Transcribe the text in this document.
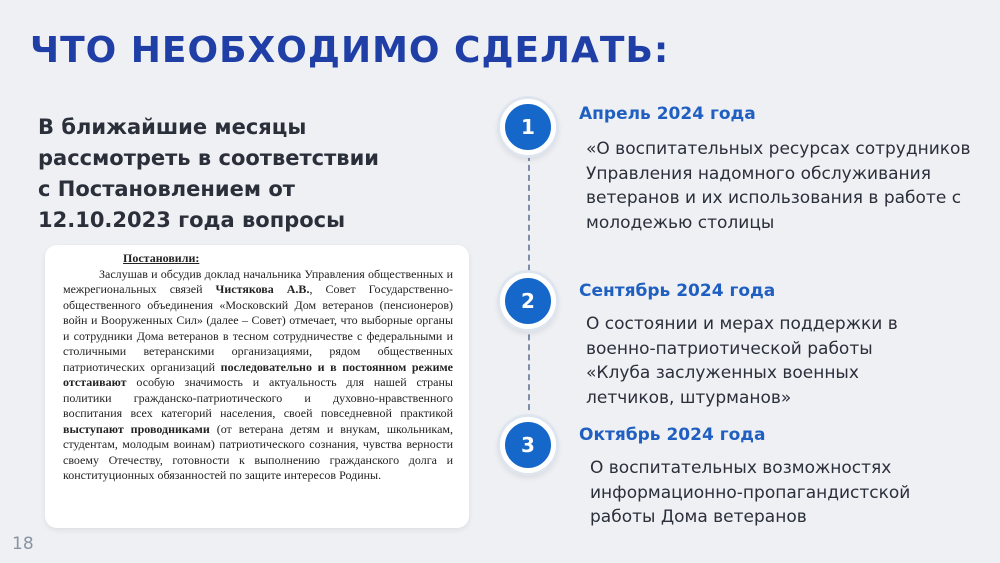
ЧТО НЕОБХОДИМО СДЕЛАТЬ:
В ближайшие месяцы
рассмотреть в соответствии
с Постановлением от
12.10.2023 года вопросы
Постановили:

Заслушав и обсудив доклад начальника Управления общественных и межрегиональных связей Чистякова А.В., Совет Государственно-общественного объединения «Московский Дом ветеранов (пенсионеров) войн и Вооруженных Сил» (далее – Совет) отмечает, что выборные органы и сотрудники Дома ветеранов в тесном сотрудничестве с федеральными и столичными ветеранскими организациями, рядом общественных патриотических организаций последовательно и в постоянном режиме отстаивают особую значимость и актуальность для нашей страны политики гражданско-патриотического и духовно-нравственного воспитания всех категорий населения, своей повседневной практикой выступают проводниками (от ветерана детям и внукам, школьникам, студентам, молодым воинам) патриотического сознания, чувства верности своему Отечеству, готовности к выполнению гражданского долга и конституционных обязанностей по защите интересов Родины.

1
Апрель 2024 года
«О воспитательных ресурсах сотрудников Управления надомного обслуживания ветеранов и их использования в работе с молодежью столицы
2	Сентябрь 2024 года
О состоянии и мерах поддержки в военно-патриотической работы «Клуба заслуженных военных летчиков, штурманов»
3	Октябрь 2024 года
О воспитательных возможностях информационно-пропагандистской работы Дома ветеранов
18
